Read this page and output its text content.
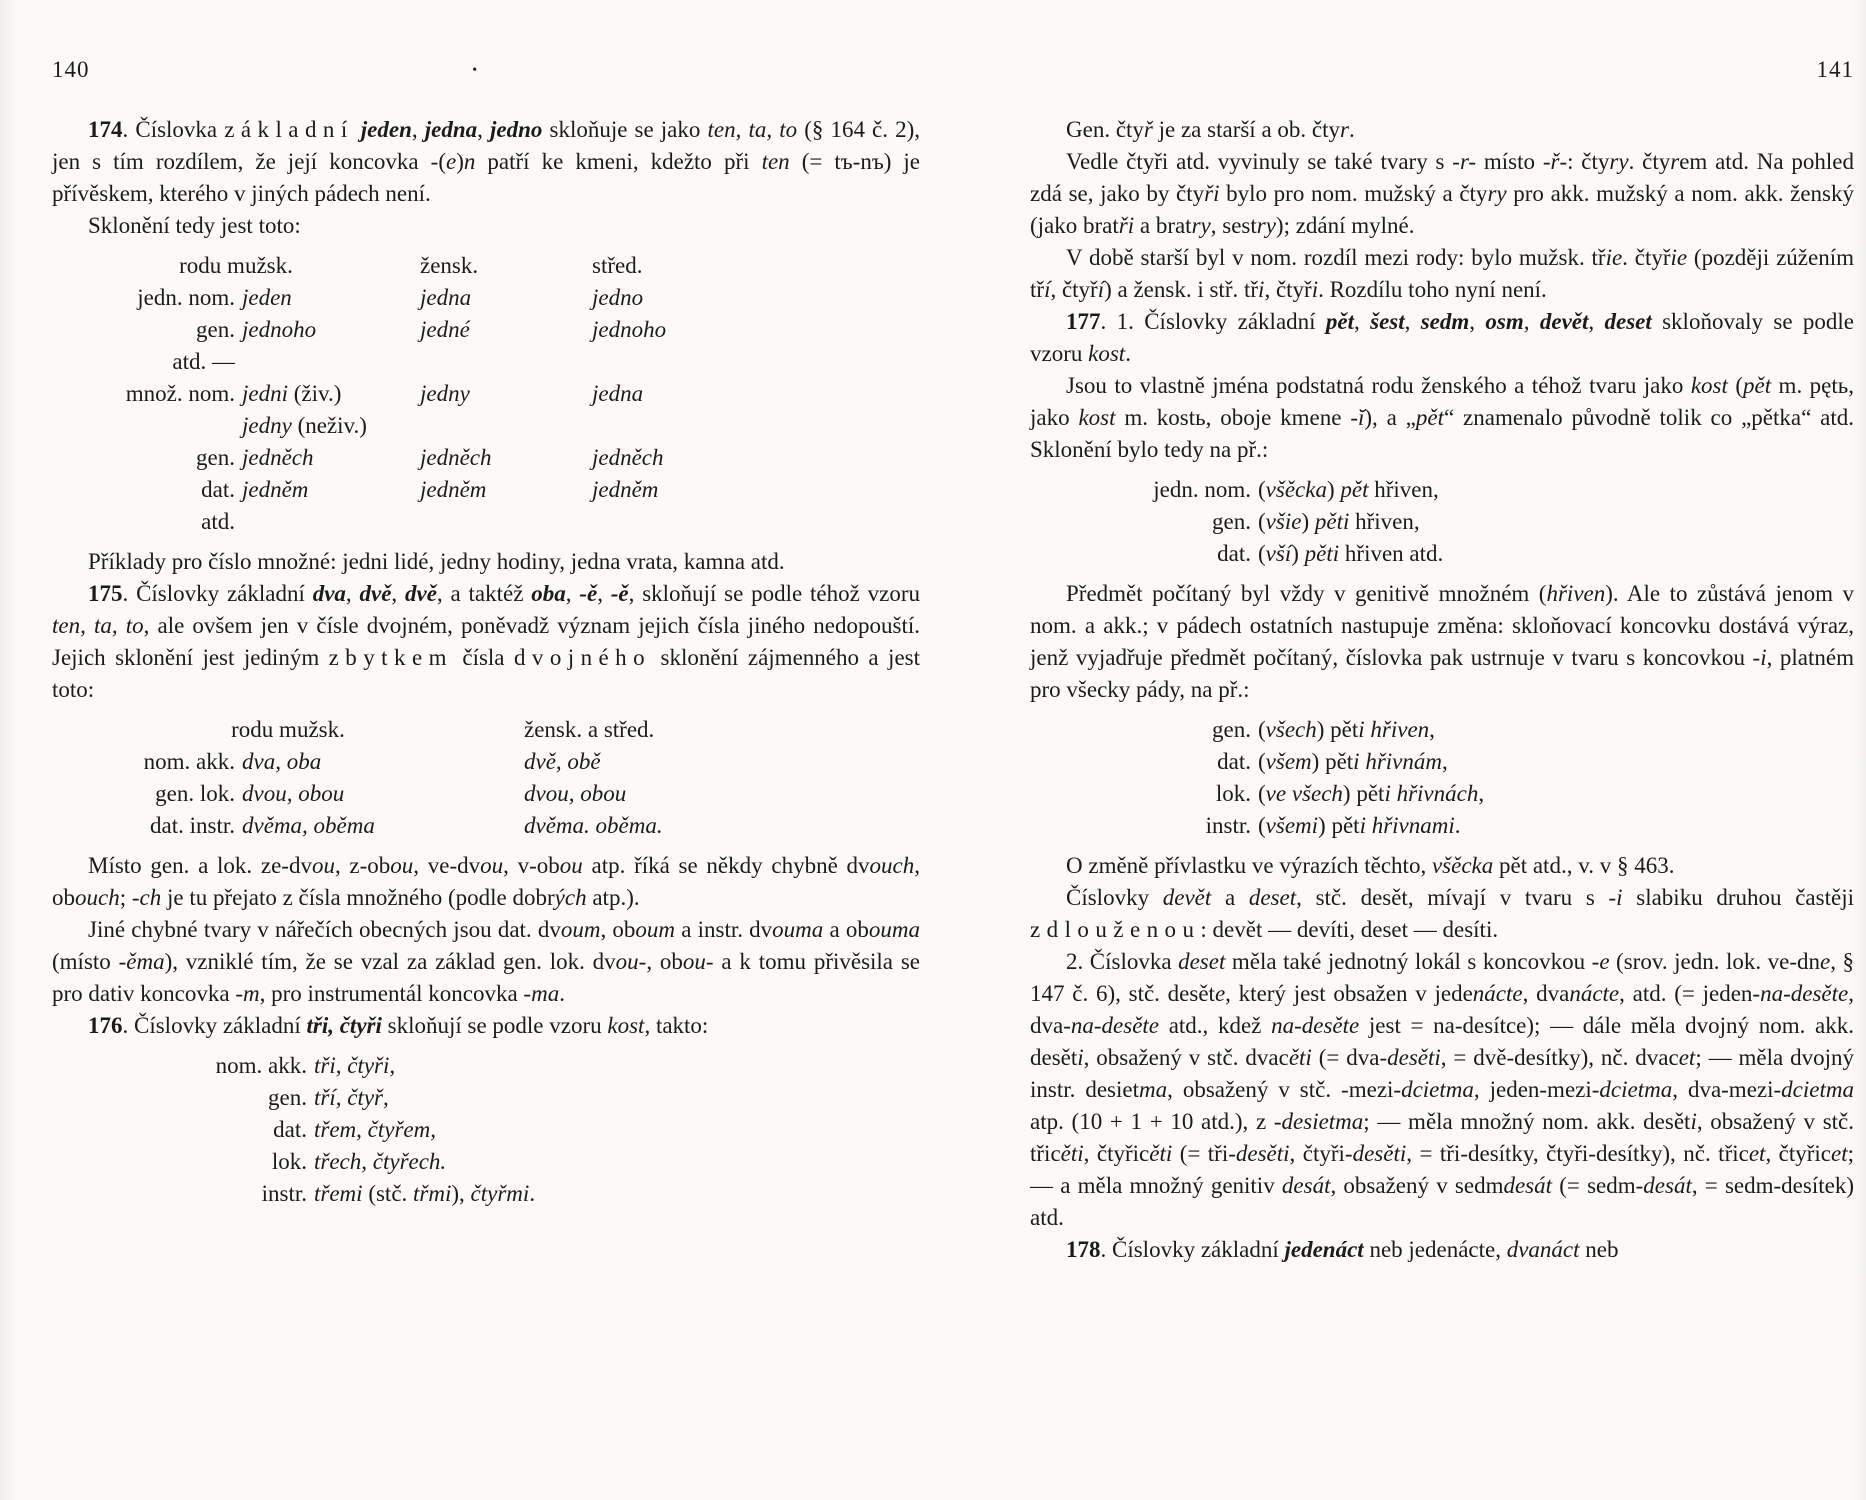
140	•

174. Číslovka základní jeden, jedna, jedno skloňuje se jako ten, ta, to (§ 164 č. 2), jen s tím rozdílem, že její koncovka -(e)n patří ke kmeni, kdežto při ten (= tъ-nъ) je přívěskem, kterého v jiných pádech není.

Sklonění tedy jest toto:

rodu mužsk.	žensk.	střed.
jedn. nom. jeden	jedna	jedno
gen. jednoho	jedné	jednoho
atd. —
množ. nom. jedni (živ.)	jedny	jedna
jedny (neživ.)
gen. jedněch	jedněch	jedněch
dat. jedněm	jedněm	jedněm
atd.

Příklady pro číslo množné: jedni lidé, jedny hodiny, jedna vrata, kamna atd.

175. Číslovky základní dva, dvě, dvě, a taktéž oba, -ě, -ě, skloňují se podle téhož vzoru ten, ta, to, ale ovšem jen v čísle dvojném, poněvadž význam jejich čísla jiného nedopouští. Jejich sklonění jest jediným zbytkem čísla dvojného sklonění zájmenného a jest toto:

rodu mužsk.	žensk. a střed.
nom. akk. dva, oba	dvě, obě
gen. lok. dvou, obou	dvou, obou
dat. instr. dvěma, oběma	dvěma. oběma.

Místo gen. a lok. ze-dvou, z-obou, ve-dvou, v-obou atp. říká se někdy chybně dvouch, obouch; -ch je tu přejato z čísla množného (podle dobrých atp.).

Jiné chybné tvary v nářečích obecných jsou dat. dvoum, oboum a instr. dvouma a obouma (místo -ěma), vzniklé tím, že se vzal za základ gen. lok. dvou-, obou- a k tomu přivěsila se pro dativ koncovka -m, pro instrumentál koncovka -ma.

176. Číslovky základní tři, čtyři skloňují se podle vzoru kost, takto:

nom. akk. tři, čtyři,
gen. tří, čtyř,
dat. třem, čtyřem,
lok. třech, čtyřech.
instr. třemi (stč. třmi), čtyřmi.
141

Gen. čtyř je za starší a ob. čtyr.

Vedle čtyři atd. vyvinuly se také tvary s -r- místo -ř-: čtyry. čtyrem atd. Na pohled zdá se, jako by čtyři bylo pro nom. mužský a čtyry pro akk. mužský a nom. akk. ženský (jako bratři a bratry, sestry); zdání mylné.

V době starší byl v nom. rozdíl mezi rody: bylo mužsk. třie. čtyřie (později zúžením tří, čtyří) a žensk. i stř. tři, čtyři. Rozdílu toho nyní není.

177. 1. Číslovky základní pět, šest, sedm, osm, devět, deset skloňovaly se podle vzoru kost.

Jsou to vlastně jména podstatná rodu ženského a téhož tvaru jako kost (pět m. pętь, jako kost m. kostь, oboje kmene -ĭ), a „pět“ znamenalo původně tolik co „pětka“ atd. Sklonění bylo tedy na př.:

jedn. nom. (všěcka) pět hřiven,
gen. (všie) pěti hřiven,
dat. (vší) pěti hřiven atd.

Předmět počítaný byl vždy v genitivě množném (hřiven). Ale to zůstává jenom v nom. a akk.; v pádech ostatních nastupuje změna: skloňovací koncovku dostává výraz, jenž vyjadřuje předmět počítaný, číslovka pak ustrnuje v tvaru s koncovkou -i, platném pro všecky pády, na př.:

gen. (všech) pěti hřiven,
dat. (všem) pěti hřivnám,
lok. (ve všech) pěti hřivnách,
instr. (všemi) pěti hřivnami.

O změně přívlastku ve výrazích těchto, všěcka pět atd., v. v § 463.

Číslovky devět a deset, stč. desět, mívají v tvaru s -i slabiku druhou častěji zdlouženou: devět — devíti, deset — desíti.

2. Číslovka deset měla také jednotný lokál s koncovkou -e (srov. jedn. lok. ve-dne, § 147 č. 6), stč. desěte, který jest obsažen v jedenácte, dvanácte, atd. (= jeden-na-desěte, dva-na-desěte atd., kdež na-desěte jest = na-desítce); — dále měla dvojný nom. akk. desěti, obsažený v stč. dvacěti (= dva-desěti, = dvě-desítky), nč. dvacet; — měla dvojný instr. desietma, obsažený v stč. -mezi-dcietma, jeden-mezi-dcietma, dva-mezi-dcietma atp. (10 + 1 + 10 atd.), z -desietma; — měla množný nom. akk. desěti, obsažený v stč. třicěti, čtyřicěti (= tři-desěti, čtyři-desěti, = tři-desítky, čtyři-desítky), nč. třicet, čtyřicet; — a měla množný genitiv desát, obsažený v sedmdesát (= sedm-desát, = sedm-desítek) atd.

178. Číslovky základní jedenáct neb jedenácte, dvanáct neb
